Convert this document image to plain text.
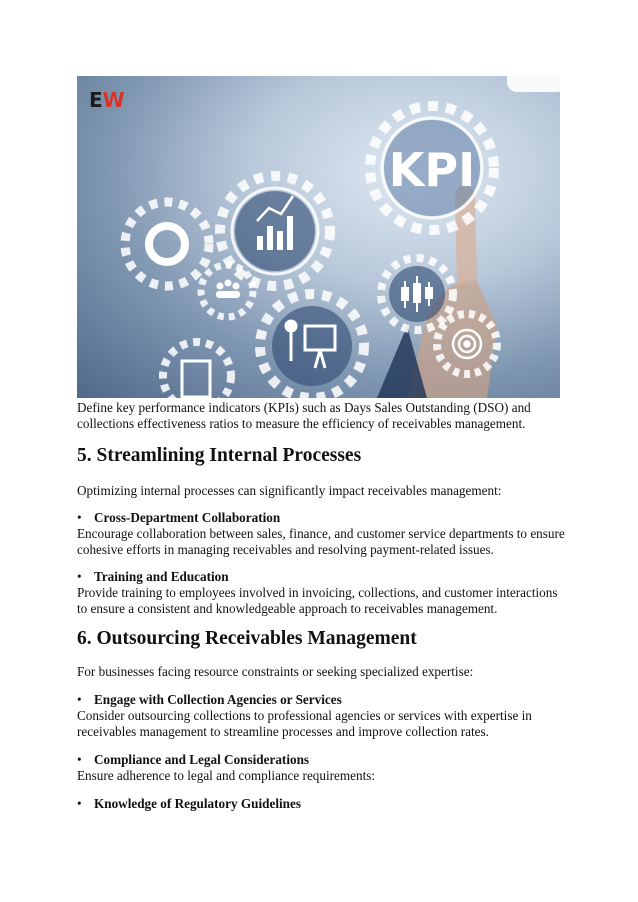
KPI
EW
Define key performance indicators (KPIs) such as Days Sales Outstanding (DSO) and collections effectiveness ratios to measure the efficiency of receivables management.
5. Streamlining Internal Processes
Optimizing internal processes can significantly impact receivables management:
• Cross-Department Collaboration
Encourage collaboration between sales, finance, and customer service departments to ensure cohesive efforts in managing receivables and resolving payment-related issues.
• Training and Education
Provide training to employees involved in invoicing, collections, and customer interactions to ensure a consistent and knowledgeable approach to receivables management.
6. Outsourcing Receivables Management
For businesses facing resource constraints or seeking specialized expertise:
• Engage with Collection Agencies or Services
Consider outsourcing collections to professional agencies or services with expertise in receivables management to streamline processes and improve collection rates.
• Compliance and Legal Considerations
Ensure adherence to legal and compliance requirements:
• Knowledge of Regulatory Guidelines
